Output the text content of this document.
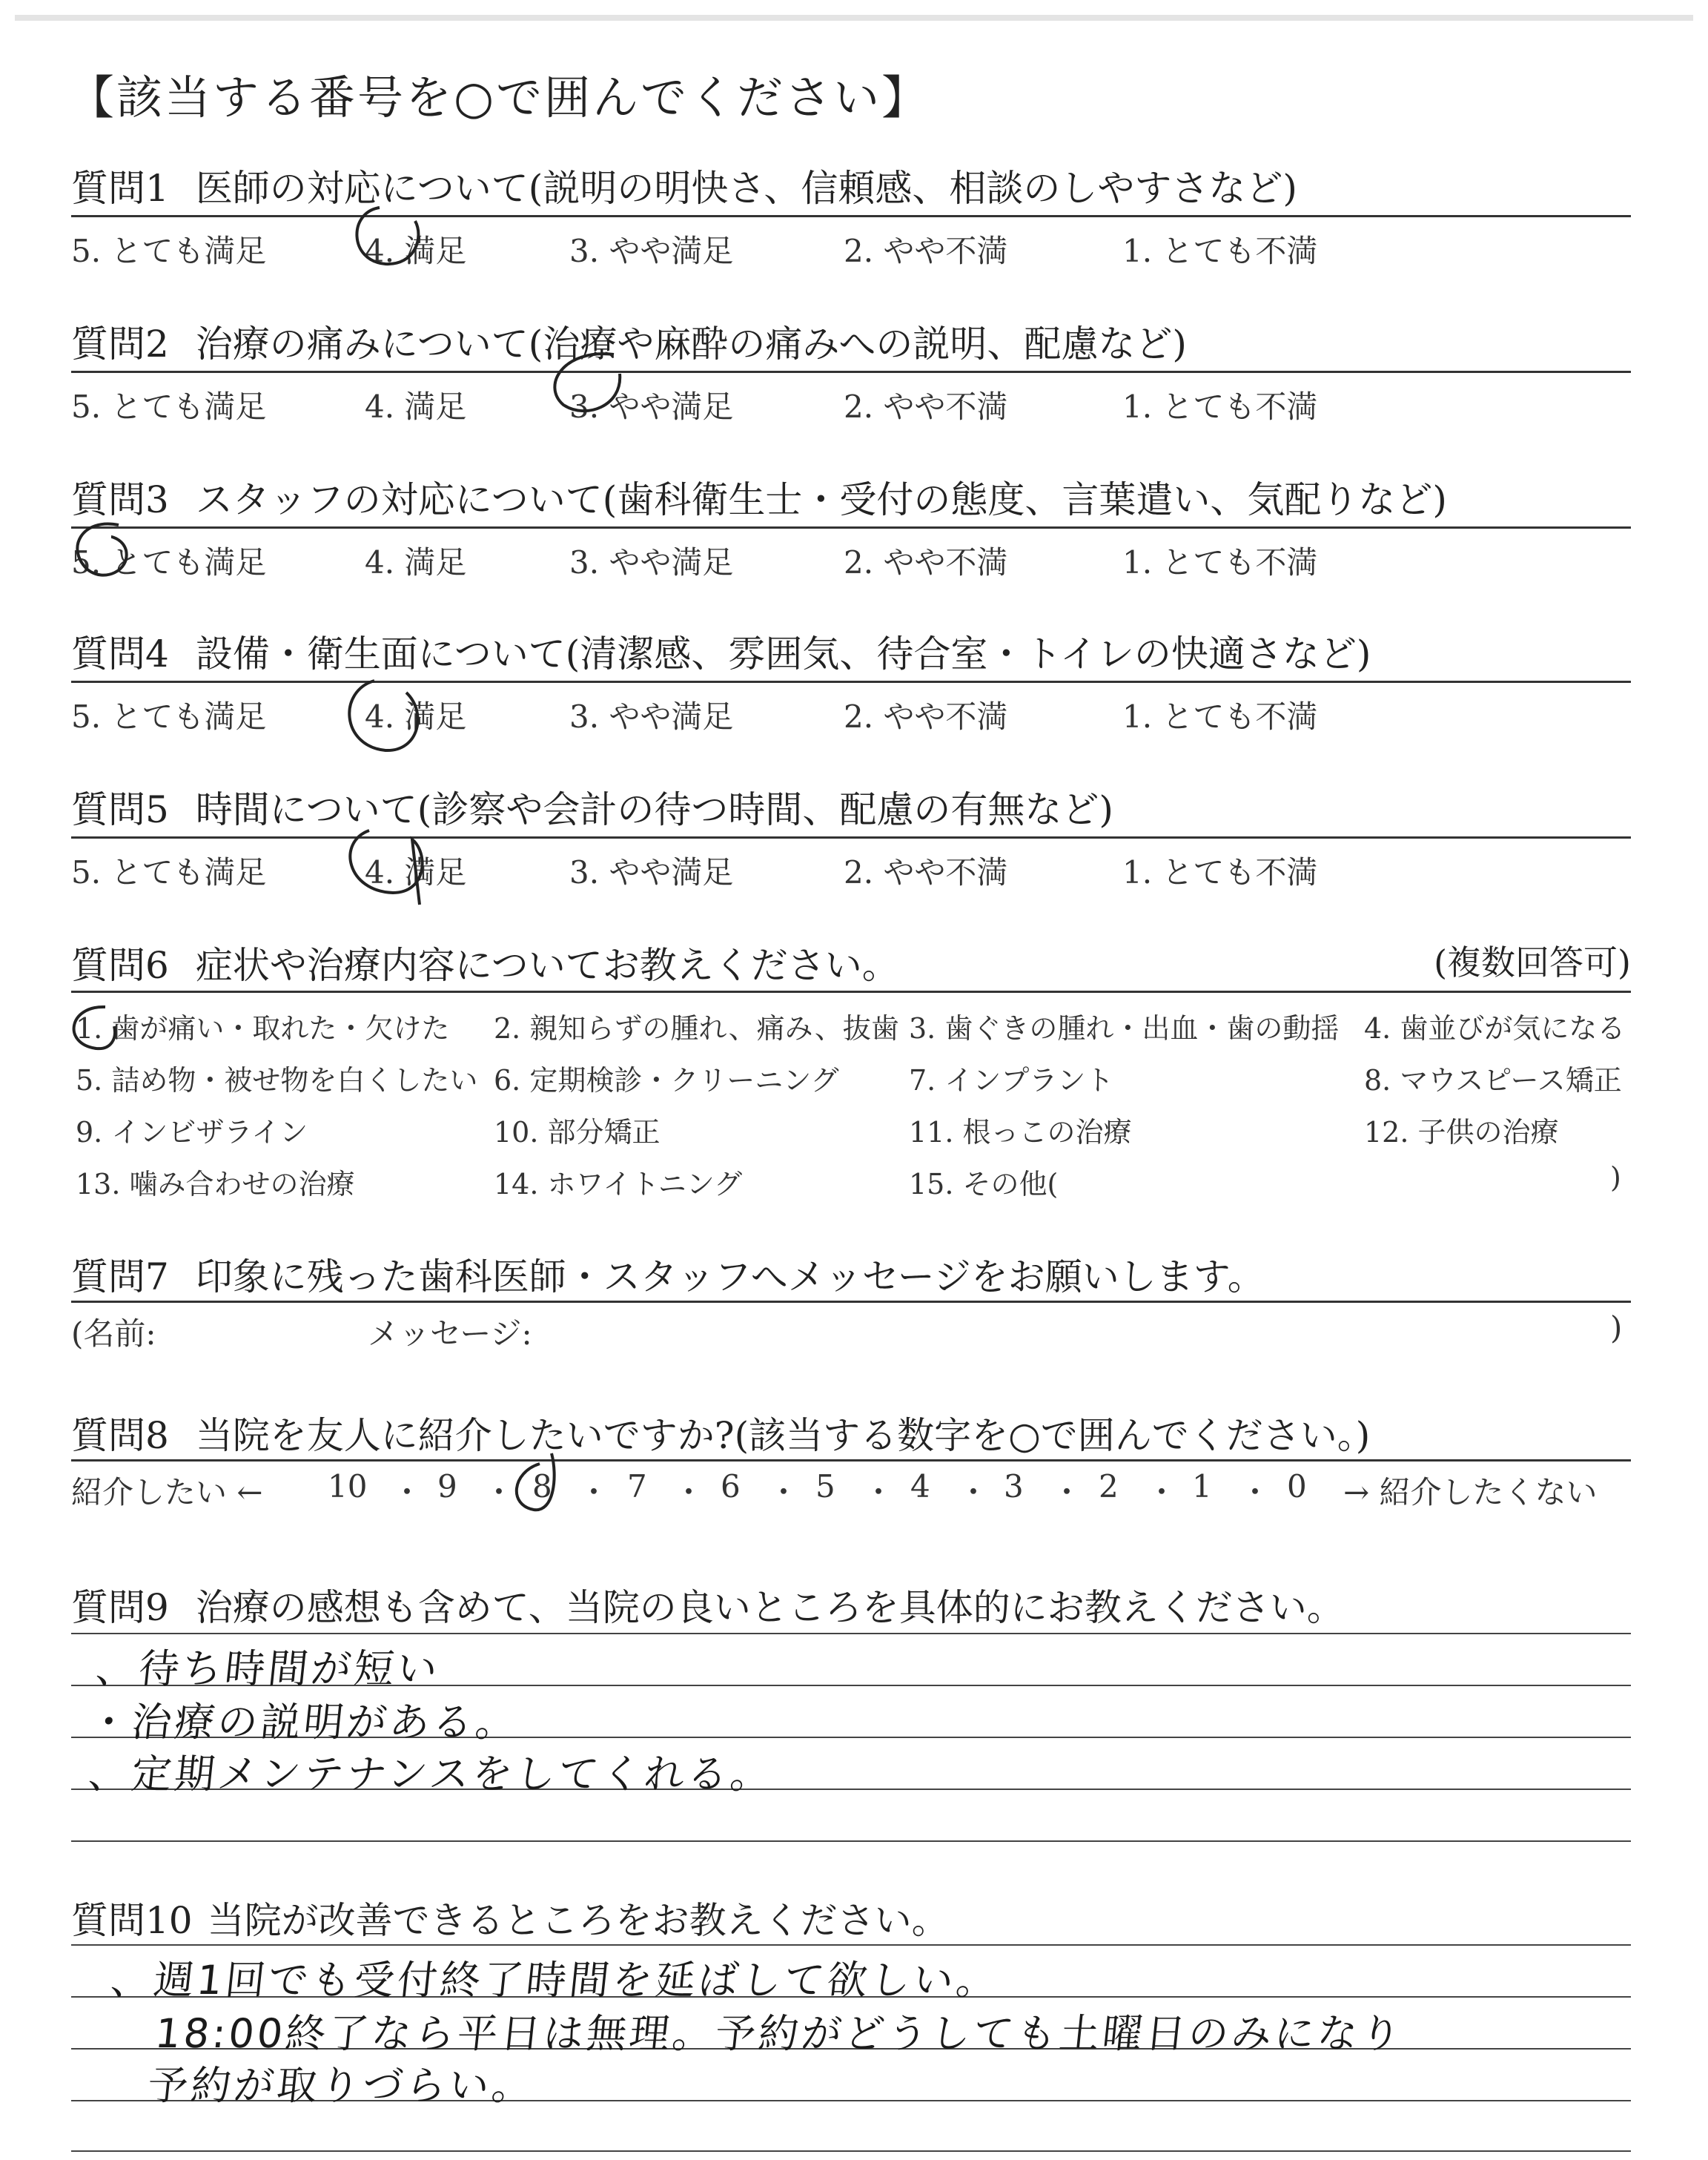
【該当する番号を○で囲んでください】
質問1 医師の対応について(説明の明快さ、信頼感、相談のしやすさなど)
5. とても満足	4. 満足	3. やや満足	2. やや不満	1. とても不満
質問2 治療の痛みについて(治療や麻酔の痛みへの説明、配慮など)
5. とても満足	4. 満足	3. やや満足	2. やや不満	1. とても不満
質問3 スタッフの対応について(歯科衛生士・受付の態度、言葉遣い、気配りなど)
5. とても満足	4. 満足	3. やや満足	2. やや不満	1. とても不満
質問4 設備・衛生面について(清潔感、雰囲気、待合室・トイレの快適さなど)
5. とても満足	4. 満足	3. やや満足	2. やや不満	1. とても不満
質問5 時間について(診察や会計の待つ時間、配慮の有無など)
5. とても満足	4. 満足	3. やや満足	2. やや不満	1. とても不満
質問6 症状や治療内容についてお教えください。	(複数回答可)
1. 歯が痛い・取れた・欠けた 2. 親知らずの腫れ、痛み、抜歯 3. 歯ぐきの腫れ・出血・歯の動揺 4. 歯並びが気になる
5. 詰め物・被せ物を白くしたい 6. 定期検診・クリーニング 7. インプラント	8. マウスピース矯正
9. インビザライン	10. 部分矯正	11. 根っこの治療	12. 子供の治療
13. 噛み合わせの治療	14. ホワイトニング	15. その他(	)
質問7 印象に残った歯科医師・スタッフへメッセージをお願いします。
(名前:	メッセージ:	)
質問8 当院を友人に紹介したいですか?(該当する数字を○で囲んでください。)
紹介したい ← 10 ・ 9 ・ 8 ・ 7 ・ 6 ・ 5 ・ 4 ・ 3 ・ 2 ・ 1 ・ 0 → 紹介したくない
質問9 治療の感想も含めて、当院の良いところを具体的にお教えください。
、待ち時間が短い
・治療の説明がある。
、定期メンテナンスをしてくれる。
質問10 当院が改善できるところをお教えください。
、週1回でも受付終了時間を延ばして欲しい。
18:00終了なら平日は無理。予約がどうしても土曜日のみになり
予約が取りづらい。
